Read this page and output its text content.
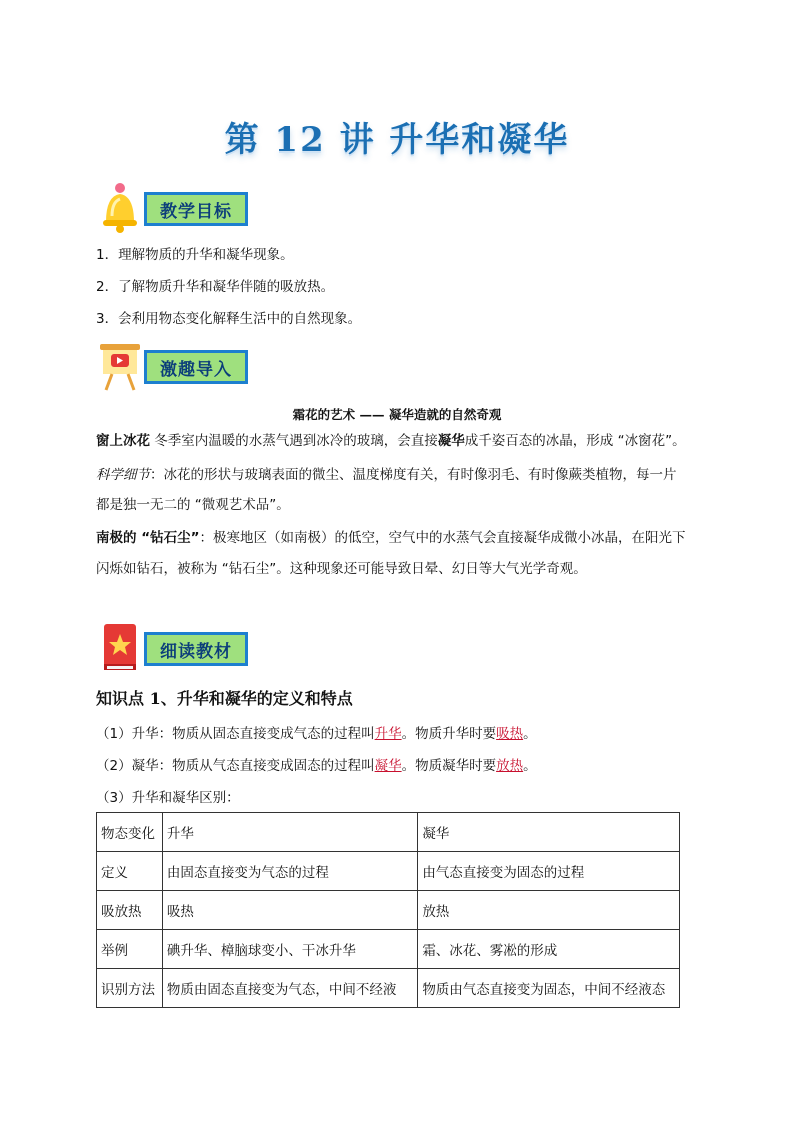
第 12 讲 升华和凝华
教学目标
1．理解物质的升华和凝华现象。
2．了解物质升华和凝华伴随的吸放热。
3．会利用物态变化解释生活中的自然现象。
激趣导入
霜花的艺术 —— 凝华造就的自然奇观
窗上冰花 冬季室内温暖的水蒸气遇到冰冷的玻璃，会直接凝华成千姿百态的冰晶，形成 “冰窗花”。
科学细节：冰花的形状与玻璃表面的微尘、温度梯度有关，有时像羽毛、有时像蕨类植物，每一片
都是独一无二的 “微观艺术品”。
南极的 “钻石尘”：极寒地区（如南极）的低空，空气中的水蒸气会直接凝华成微小冰晶，在阳光下
闪烁如钻石，被称为 “钻石尘”。这种现象还可能导致日晕、幻日等大气光学奇观。
细读教材
知识点 1、升华和凝华的定义和特点
（1）升华：物质从固态直接变成气态的过程叫升华。物质升华时要吸热。
（2）凝华：物质从气态直接变成固态的过程叫凝华。物质凝华时要放热。
（3）升华和凝华区别：
物态变化	升华	凝华
定义	由固态直接变为气态的过程	由气态直接变为固态的过程
吸放热	吸热	放热
举例	碘升华、樟脑球变小、干冰升华	霜、冰花、雾凇的形成
识别方法	物质由固态直接变为气态，中间不经液	物质由气态直接变为固态，中间不经液态
